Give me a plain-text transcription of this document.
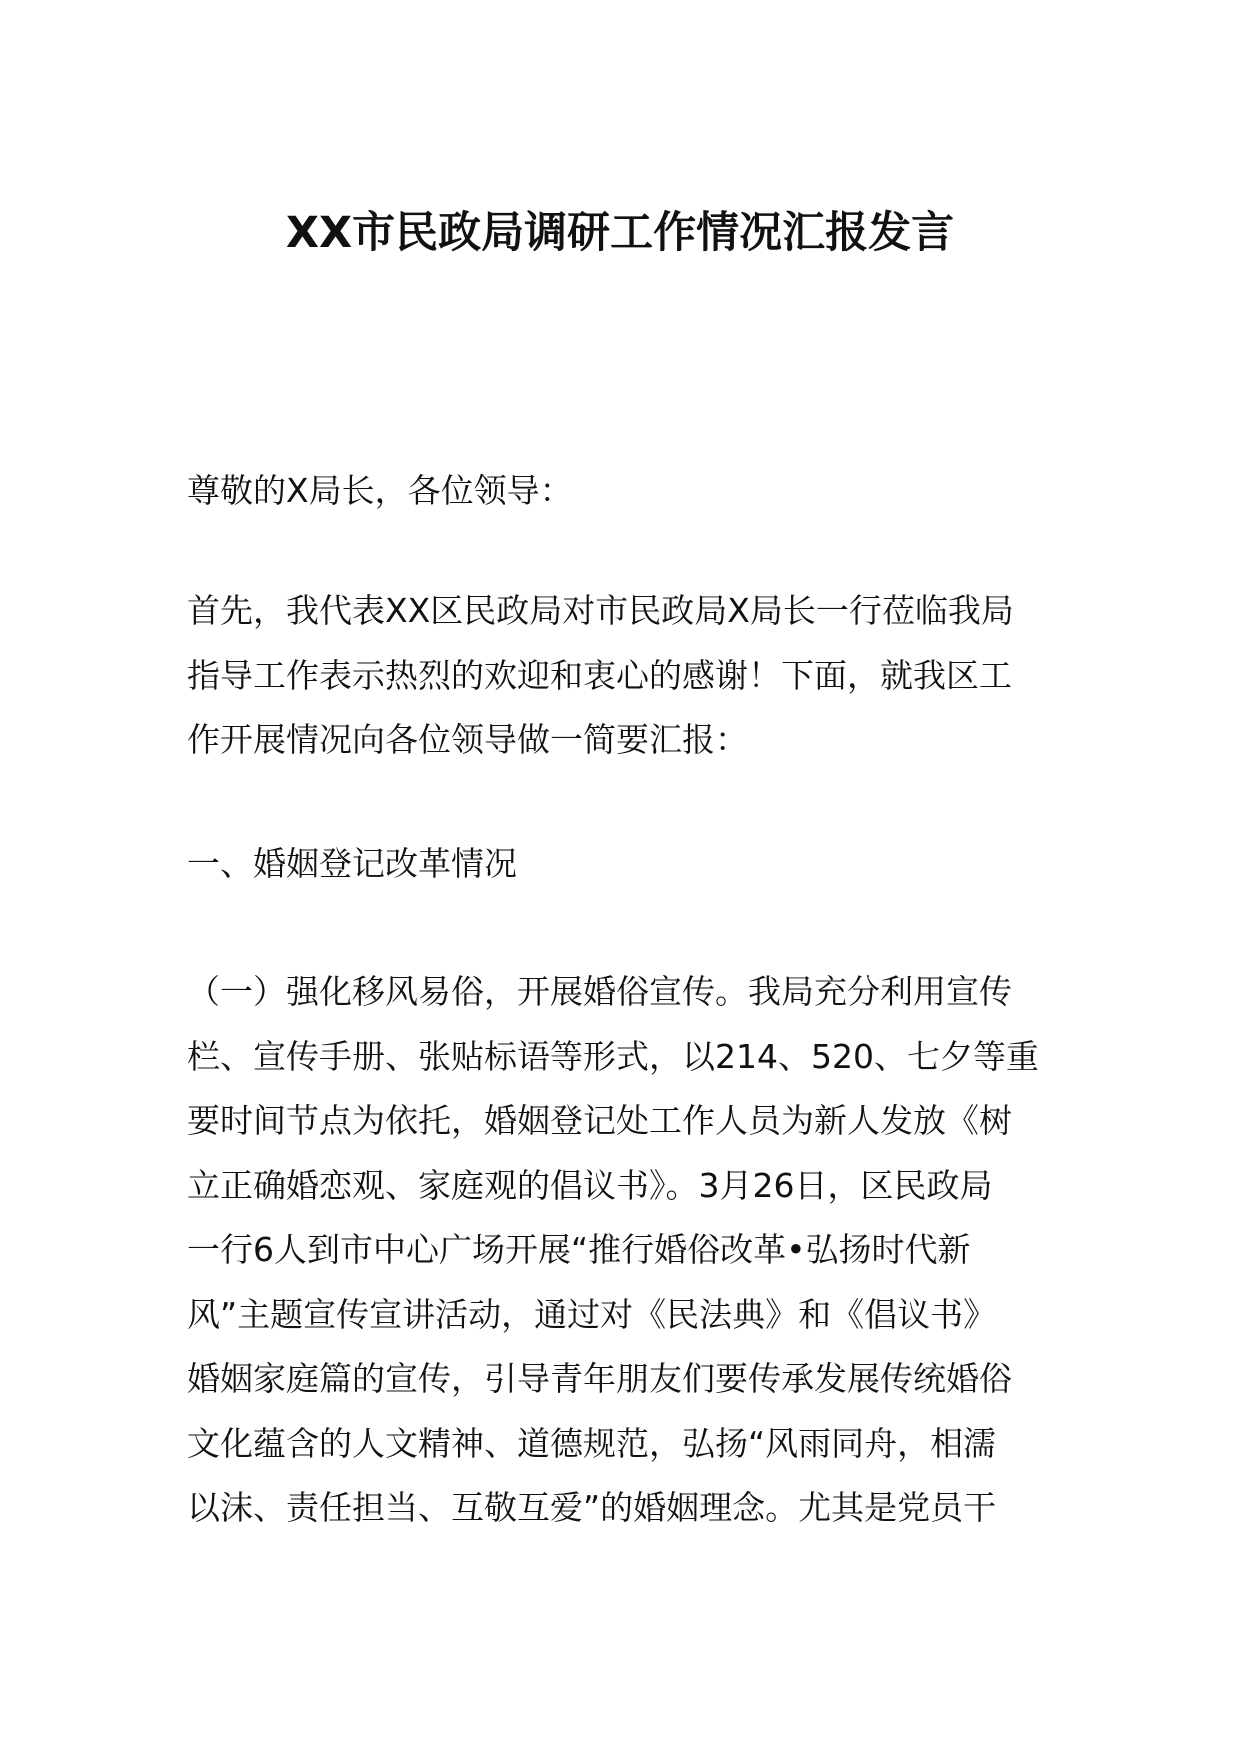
XX市民政局调研工作情况汇报发言
尊敬的X局长，各位领导：
首先，我代表XX区民政局对市民政局X局长一行莅临我局
指导工作表示热烈的欢迎和衷心的感谢！下面，就我区工
作开展情况向各位领导做一简要汇报：
一、婚姻登记改革情况
（一）强化移风易俗，开展婚俗宣传。我局充分利用宣传
栏、宣传手册、张贴标语等形式，以214、520、七夕等重
要时间节点为依托，婚姻登记处工作人员为新人发放《树
立正确婚恋观、家庭观的倡议书》。3月26日，区民政局
一行6人到市中心广场开展“推行婚俗改革•弘扬时代新
风”主题宣传宣讲活动，通过对《民法典》和《倡议书》
婚姻家庭篇的宣传，引导青年朋友们要传承发展传统婚俗
文化蕴含的人文精神、道德规范，弘扬“风雨同舟，相濡
以沫、责任担当、互敬互爱”的婚姻理念。尤其是党员干
